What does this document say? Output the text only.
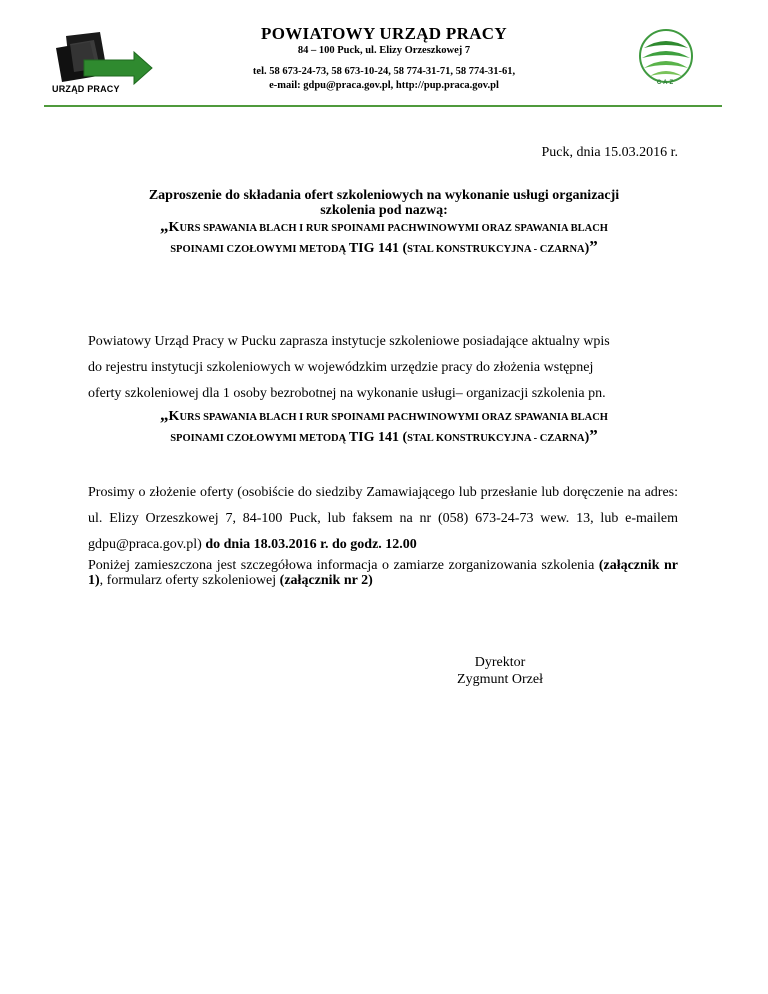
URZĄD PRACY
POWIATOWY URZĄD PRACY
84 – 100 Puck, ul. Elizy Orzeszkowej 7
tel. 58 673-24-73, 58 673-10-24, 58 774-31-71, 58 774-31-61,
e-mail: gdpu@praca.gov.pl, http://pup.praca.gov.pl	CAZ
Puck, dnia 15.03.2016 r.
Zaproszenie do składania ofert szkoleniowych na wykonanie usługi organizacji
szkolenia pod nazwą:
„KURS SPAWANIA BLACH I RUR SPOINAMI PACHWINOWYMI ORAZ SPAWANIA BLACH
SPOINAMI CZOŁOWYMI METODĄ TIG 141 (STAL KONSTRUKCYJNA - CZARNA)”
Powiatowy Urząd Pracy w Pucku zaprasza instytucje szkoleniowe posiadające aktualny wpis
do rejestru instytucji szkoleniowych w wojewódzkim urzędzie pracy do złożenia wstępnej
oferty szkoleniowej dla 1 osoby bezrobotnej na wykonanie usługi– organizacji szkolenia pn.
„KURS SPAWANIA BLACH I RUR SPOINAMI PACHWINOWYMI ORAZ SPAWANIA BLACH
SPOINAMI CZOŁOWYMI METODĄ TIG 141 (STAL KONSTRUKCYJNA - CZARNA)”
Prosimy o złożenie oferty (osobiście do siedziby Zamawiającego lub przesłanie lub doręczenie na adres: ul. Elizy Orzeszkowej 7, 84-100 Puck, lub faksem na nr (058) 673-24-73 wew. 13, lub e-mailem gdpu@praca.gov.pl) do dnia 18.03.2016 r. do godz. 12.00
Poniżej zamieszczona jest szczegółowa informacja o zamiarze zorganizowania szkolenia (załącznik nr 1), formularz oferty szkoleniowej (załącznik nr 2)
Dyrektor
Zygmunt Orzeł
